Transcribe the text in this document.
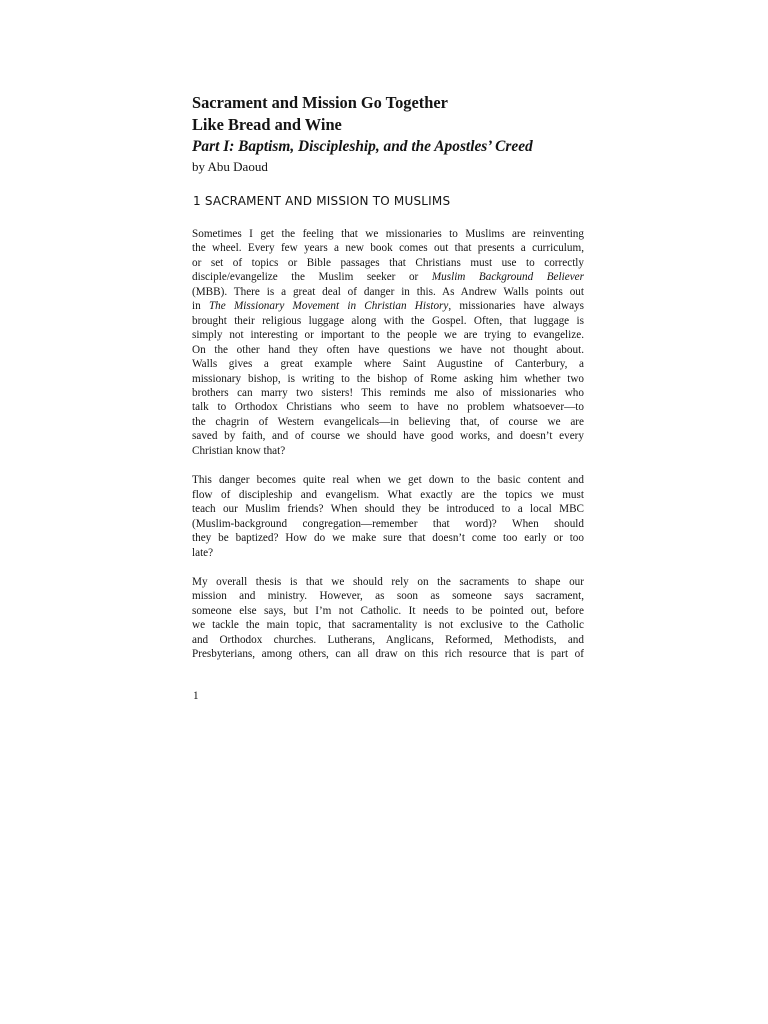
Sacrament and Mission Go Together
Like Bread and Wine
Part I: Baptism, Discipleship, and the Apostles’ Creed
by Abu Daoud
1 SACRAMENT AND MISSION TO MUSLIMS

Sometimes I get the feeling that we missionaries to Muslims are reinventing
the wheel. Every few years a new book comes out that presents a curriculum,
or set of topics or Bible passages that Christians must use to correctly
disciple/evangelize the Muslim seeker or Muslim Background Believer
(MBB). There is a great deal of danger in this. As Andrew Walls points out
in The Missionary Movement in Christian History, missionaries have always
brought their religious luggage along with the Gospel. Often, that luggage is
simply not interesting or important to the people we are trying to evangelize.
On the other hand they often have questions we have not thought about.
Walls gives a great example where Saint Augustine of Canterbury, a
missionary bishop, is writing to the bishop of Rome asking him whether two
brothers can marry two sisters! This reminds me also of missionaries who
talk to Orthodox Christians who seem to have no problem whatsoever—to
the chagrin of Western evangelicals—in believing that, of course we are
saved by faith, and of course we should have good works, and doesn’t every
Christian know that?

This danger becomes quite real when we get down to the basic content and
flow of discipleship and evangelism. What exactly are the topics we must
teach our Muslim friends? When should they be introduced to a local MBC
(Muslim-background congregation—remember that word)? When should
they be baptized? How do we make sure that doesn’t come too early or too
late?

My overall thesis is that we should rely on the sacraments to shape our
mission and ministry. However, as soon as someone says sacrament,
someone else says, but I’m not Catholic. It needs to be pointed out, before
we tackle the main topic, that sacramentality is not exclusive to the Catholic
and Orthodox churches. Lutherans, Anglicans, Reformed, Methodists, and
Presbyterians, among others, can all draw on this rich resource that is part of

1
